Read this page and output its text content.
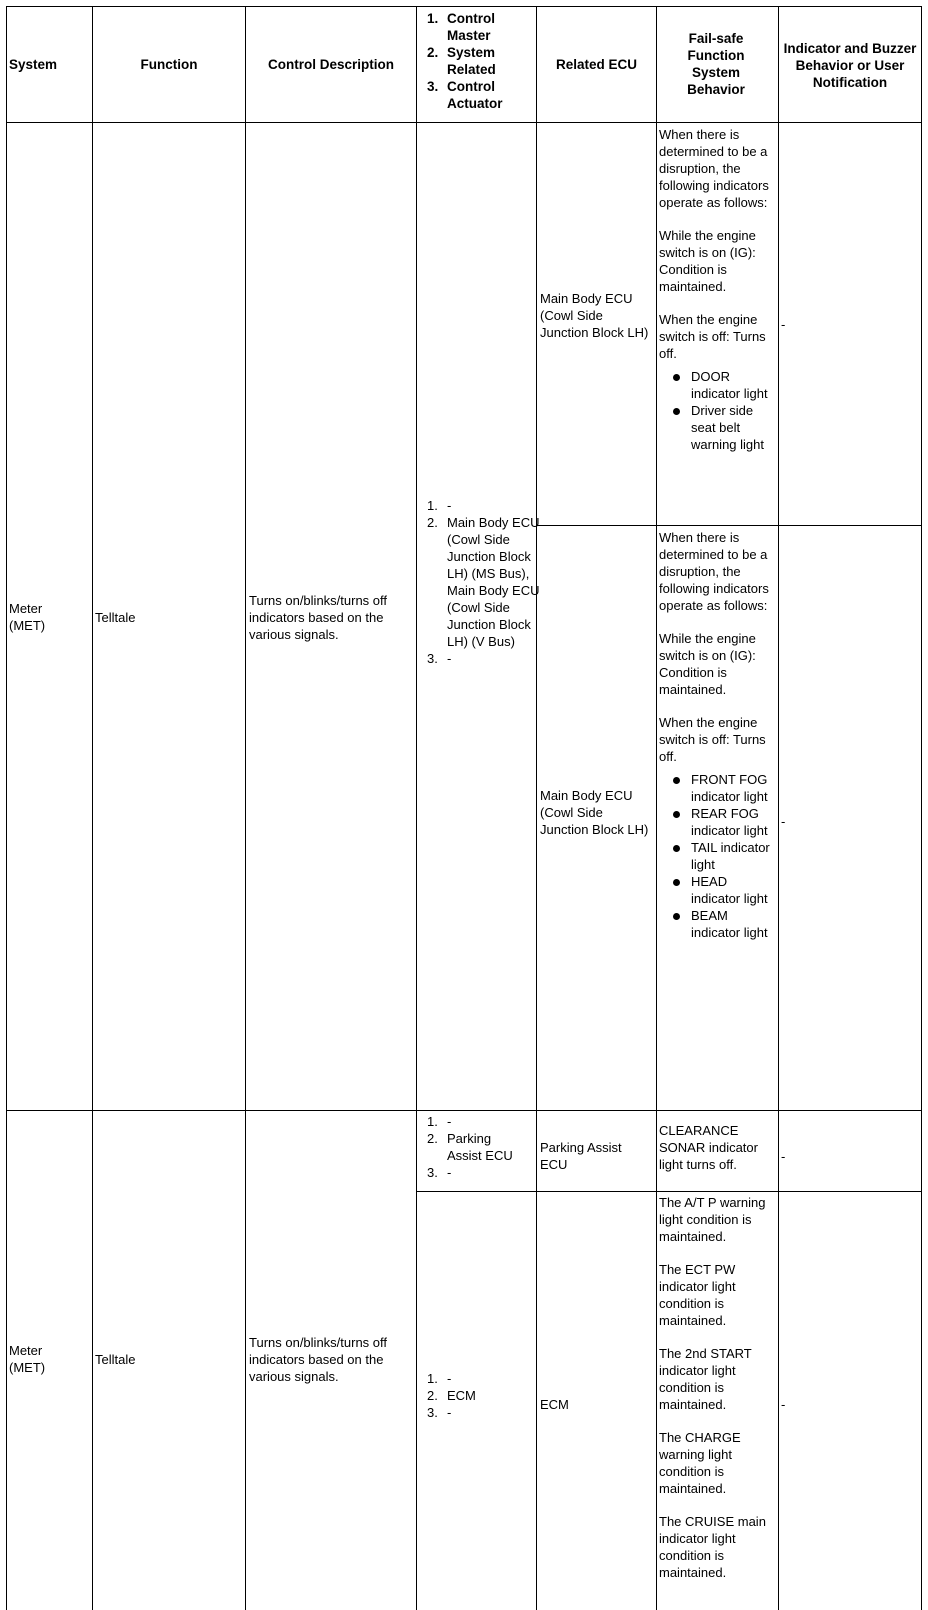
System	Function	Control Description
1. Control Master
2. System Related
3. Control Actuator
Related ECU
Fail-safe Function System Behavior
Indicator and Buzzer Behavior or User Notification
Meter (MET)
Telltale
Turns on/blinks/turns off indicators based on the various signals.
1. -
2. Main Body ECU (Cowl Side Junction Block LH) (MS Bus), Main Body ECU (Cowl Side Junction Block LH) (V Bus)
3. -
Main Body ECU (Cowl Side Junction Block LH)

When there is determined to be a disruption, the following indicators operate as follows:

While the engine switch is on (IG): Condition is maintained.

When the engine switch is off: Turns off.

DOOR indicator light
Driver side seat belt warning light
-
Main Body ECU (Cowl Side Junction Block LH)

When there is determined to be a disruption, the following indicators operate as follows:

While the engine switch is on (IG): Condition is maintained.

When the engine switch is off: Turns off.

FRONT FOG indicator light
REAR FOG indicator light
TAIL indicator light
HEAD indicator light
BEAM indicator light
-
Meter (MET)
Telltale
Turns on/blinks/turns off indicators based on the various signals.
1. -
2. Parking Assist ECU
3. -
Parking Assist ECU
CLEARANCE SONAR indicator light turns off.
-
1. -
2. ECM
3. -
ECM

The A/T P warning light condition is maintained.

The ECT PW indicator light condition is maintained.

The 2nd START indicator light condition is maintained.

The CHARGE warning light condition is maintained.

The CRUISE main indicator light condition is maintained.

-
